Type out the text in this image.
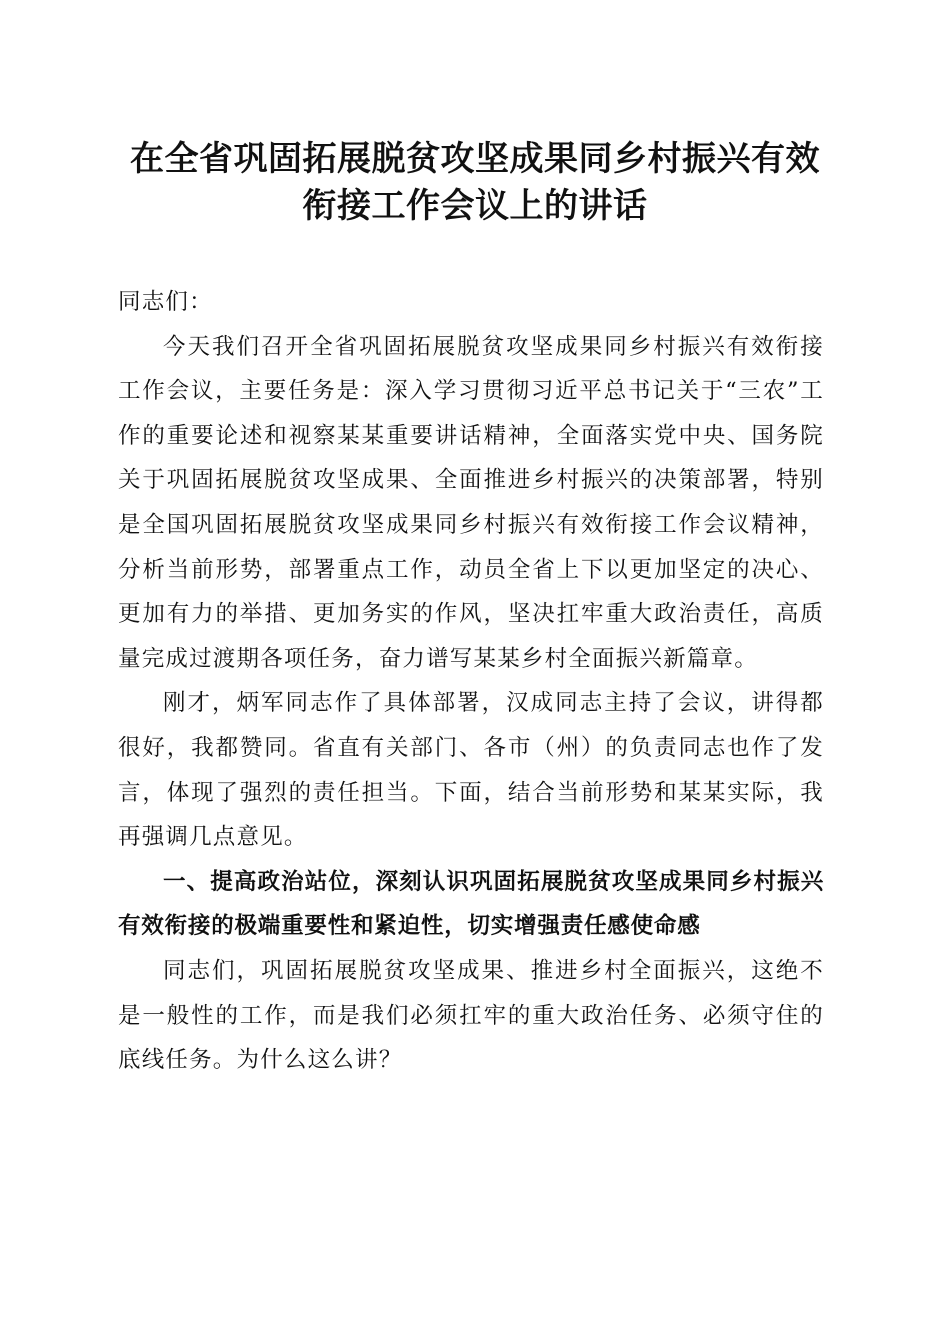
在全省巩固拓展脱贫攻坚成果同乡村振兴有效
衔接工作会议上的讲话

同志们：

今天我们召开全省巩固拓展脱贫攻坚成果同乡村振兴有效衔接工作会议，主要任务是：深入学习贯彻习近平总书记关于“三农”工作的重要论述和视察某某重要讲话精神，全面落实党中央、国务院关于巩固拓展脱贫攻坚成果、全面推进乡村振兴的决策部署，特别是全国巩固拓展脱贫攻坚成果同乡村振兴有效衔接工作会议精神，分析当前形势，部署重点工作，动员全省上下以更加坚定的决心、更加有力的举措、更加务实的作风，坚决扛牢重大政治责任，高质量完成过渡期各项任务，奋力谱写某某乡村全面振兴新篇章。

刚才，炳军同志作了具体部署，汉成同志主持了会议，讲得都很好，我都赞同。省直有关部门、各市（州）的负责同志也作了发言，体现了强烈的责任担当。下面，结合当前形势和某某实际，我再强调几点意见。

一、提高政治站位，深刻认识巩固拓展脱贫攻坚成果同乡村振兴有效衔接的极端重要性和紧迫性，切实增强责任感使命感

同志们，巩固拓展脱贫攻坚成果、推进乡村全面振兴，这绝不是一般性的工作，而是我们必须扛牢的重大政治任务、必须守住的底线任务。为什么这么讲？
